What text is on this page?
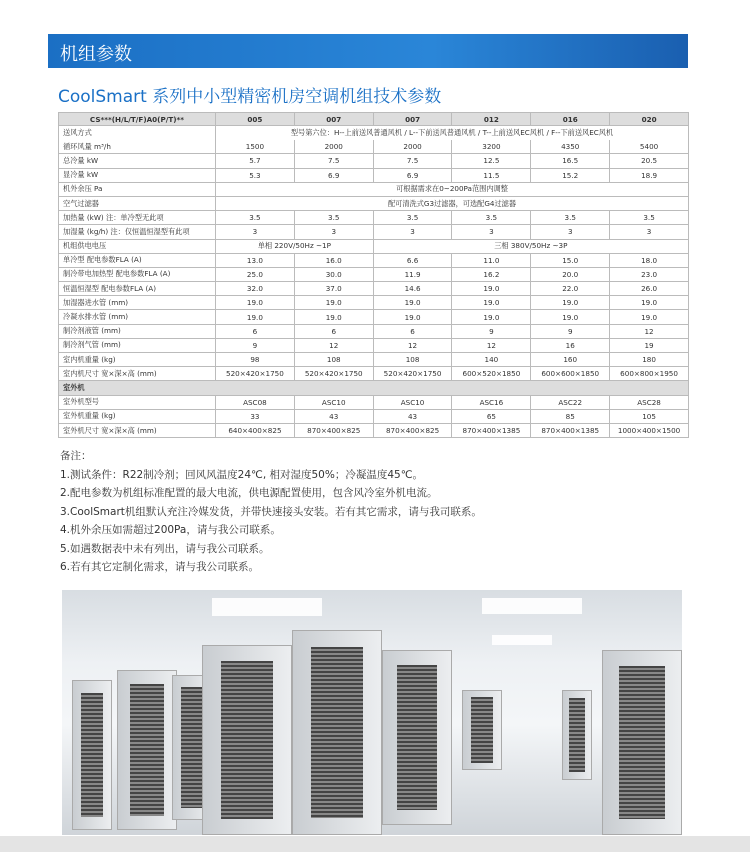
机组参数
CoolSmart 系列中小型精密机房空调机组技术参数
CS***(H/L/T/F)A0(P/T)**	005	007	007	012	016	020
送风方式	型号第六位：H--上前送风普通风机 / L--下前送风普通风机 / T--上前送风EC风机 / F--下前送风EC风机					
循环风量 m³/h	1500	2000	2000	3200	4350	5400
总冷量 kW	5.7	7.5	7.5	12.5	16.5	20.5
显冷量 kW	5.3	6.9	6.9	11.5	15.2	18.9
机外余压 Pa	可根据需求在0~200Pa范围内调整					
空气过滤器	配可清洗式G3过滤器，可选配G4过滤器					
加热量 (kW) 注：单冷型无此项	3.5	3.5	3.5	3.5	3.5	3.5
加湿量 (kg/h) 注：仅恒温恒湿型有此项	3	3	3	3	3	3
机组供电电压	单相 220V/50Hz ~1P		三相 380V/50Hz ~3P			
单冷型 配电参数FLA (A)	13.0	16.0	6.6	11.0	15.0	18.0
制冷带电加热型 配电参数FLA (A)	25.0	30.0	11.9	16.2	20.0	23.0
恒温恒湿型 配电参数FLA (A)	32.0	37.0	14.6	19.0	22.0	26.0
加湿器进水管 (mm)	19.0	19.0	19.0	19.0	19.0	19.0
冷凝水排水管 (mm)	19.0	19.0	19.0	19.0	19.0	19.0
制冷剂液管 (mm)	6	6	6	9	9	12
制冷剂气管 (mm)	9	12	12	12	16	19
室内机重量 (kg)	98	108	108	140	160	180
室内机尺寸 宽×深×高 (mm)	520×420×1750	520×420×1750	520×420×1750	600×520×1850	600×600×1850	600×800×1950
室外机						
室外机型号	ASC08	ASC10	ASC10	ASC16	ASC22	ASC28
室外机重量 (kg)	33	43	43	65	85	105
室外机尺寸 宽×深×高 (mm)	640×400×825	870×400×825	870×400×825	870×400×1385	870×400×1385	1000×400×1500
备注：
1.测试条件：R22制冷剂；回风风温度24℃, 相对湿度50%；冷凝温度45℃。
2.配电参数为机组标准配置的最大电流，供电源配置使用，包含风冷室外机电流。
3.CoolSmart机组默认充注冷媒发货，并带快速接头安装。若有其它需求，请与我司联系。
4.机外余压如需超过200Pa，请与我公司联系。
5.如遇数据表中未有列出，请与我公司联系。
6.若有其它定制化需求，请与我公司联系。
